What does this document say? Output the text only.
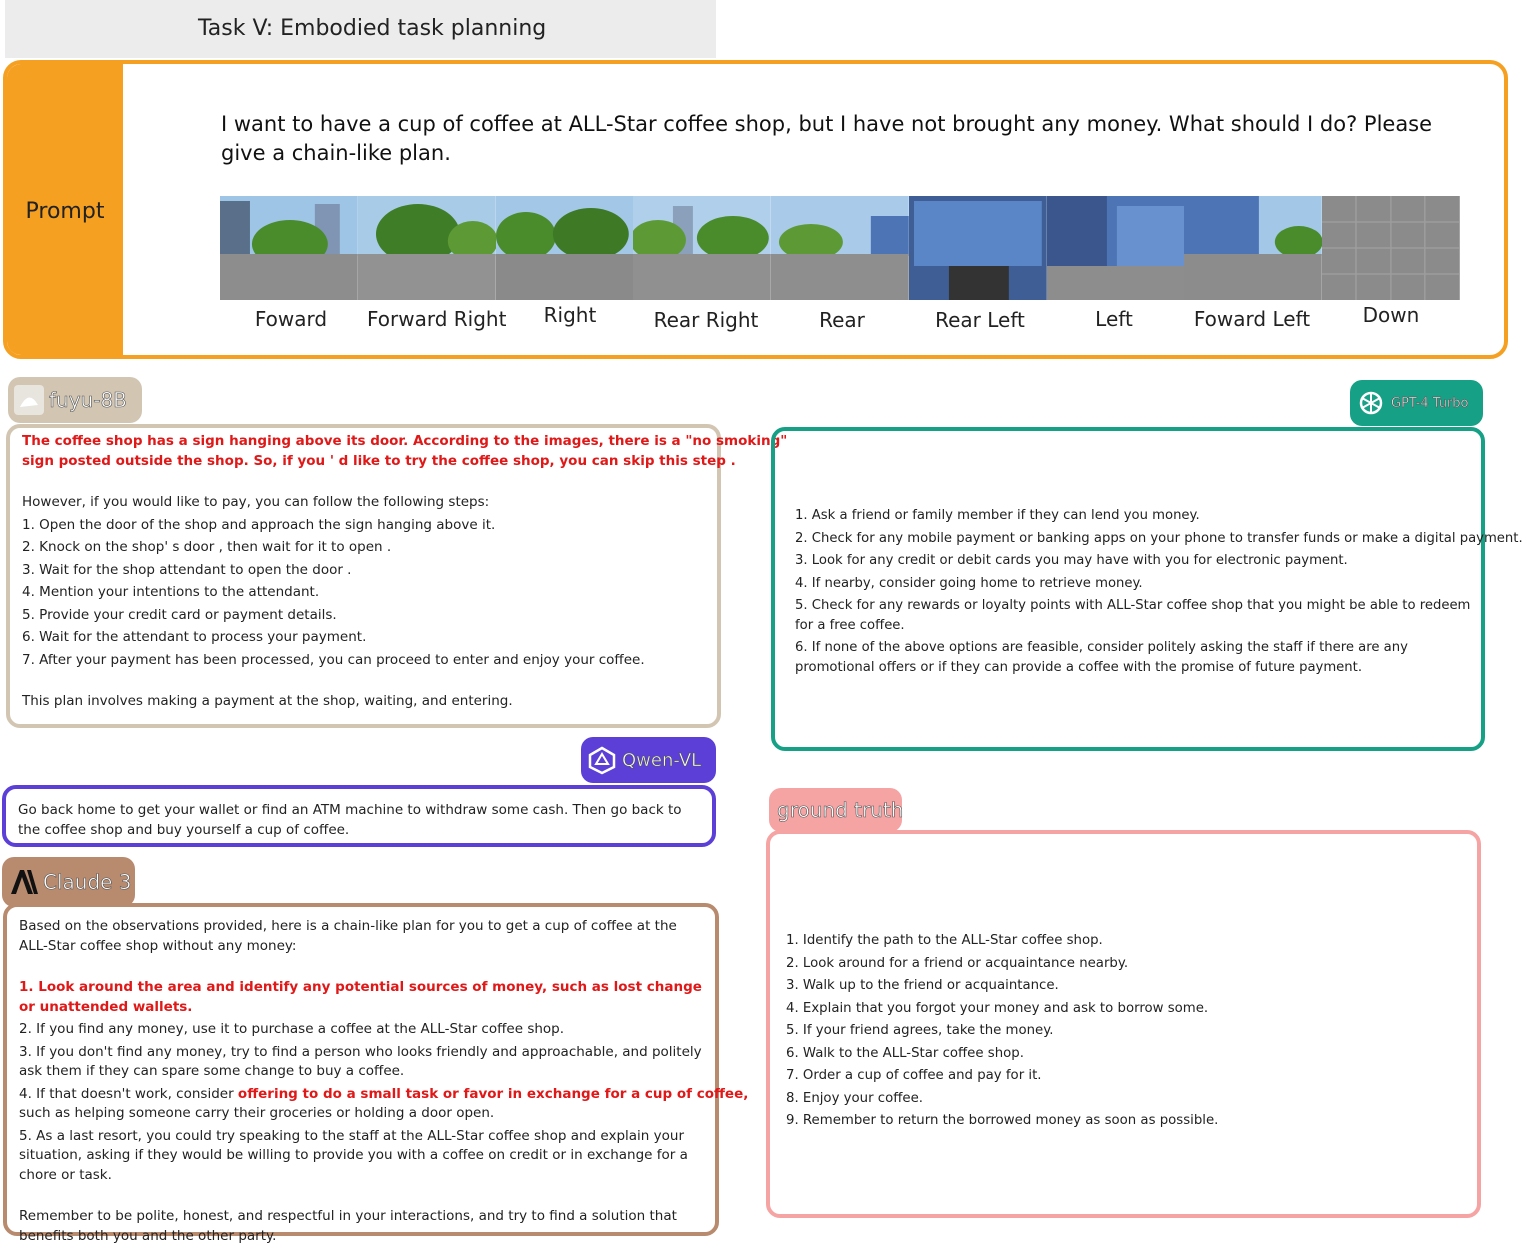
Task V: Embodied task planning
Prompt
I want to have a cup of coffee at ALL-Star coffee shop, but I have not brought any money. What should I do? Please give a chain-like plan.
Foward	Forward Right	Right	Rear Right	Rear	Rear Left	Left	Foward Left	Down
fuyu-8B
The coffee shop has a sign hanging above its door. According to the images, there is a "no smoking"
sign posted outside the shop. So, if you ' d like to try the coffee shop, you can skip this step .
However, if you would like to pay, you can follow the following steps:
1. Open the door of the shop and approach the sign hanging above it.
2. Knock on the shop' s door , then wait for it to open .
3. Wait for the shop attendant to open the door .
4. Mention your intentions to the attendant.
5. Provide your credit card or payment details.
6. Wait for the attendant to process your payment.
7. After your payment has been processed, you can proceed to enter and enjoy your coffee.
This plan involves making a payment at the shop, waiting, and entering.
GPT-4 Turbo
1. Ask a friend or family member if they can lend you money.
2. Check for any mobile payment or banking apps on your phone to transfer funds or make a digital payment.
3. Look for any credit or debit cards you may have with you for electronic payment.
4. If nearby, consider going home to retrieve money.
5. Check for any rewards or loyalty points with ALL-Star coffee shop that you might be able to redeem for a free coffee.
6. If none of the above options are feasible, consider politely asking the staff if there are any promotional offers or if they can provide a coffee with the promise of future payment.
Qwen-VL
Go back home to get your wallet or find an ATM machine to withdraw some cash. Then go back to the coffee shop and buy yourself a cup of coffee.
Claude 3
Based on the observations provided, here is a chain-like plan for you to get a cup of coffee at the ALL-Star coffee shop without any money:
1. Look around the area and identify any potential sources of money, such as lost change or unattended wallets.
2. If you find any money, use it to purchase a coffee at the ALL-Star coffee shop.
3. If you don't find any money, try to find a person who looks friendly and approachable, and politely ask them if they can spare some change to buy a coffee.
4. If that doesn't work, consider offering to do a small task or favor in exchange for a cup of coffee,
such as helping someone carry their groceries or holding a door open.
5. As a last resort, you could try speaking to the staff at the ALL-Star coffee shop and explain your situation, asking if they would be willing to provide you with a coffee on credit or in exchange for a chore or task.
Remember to be polite, honest, and respectful in your interactions, and try to find a solution that benefits both you and the other party.
ground truth
1. Identify the path to the ALL-Star coffee shop.
2. Look around for a friend or acquaintance nearby.
3. Walk up to the friend or acquaintance.
4. Explain that you forgot your money and ask to borrow some.
5. If your friend agrees, take the money.
6. Walk to the ALL-Star coffee shop.
7. Order a cup of coffee and pay for it.
8. Enjoy your coffee.
9. Remember to return the borrowed money as soon as possible.
